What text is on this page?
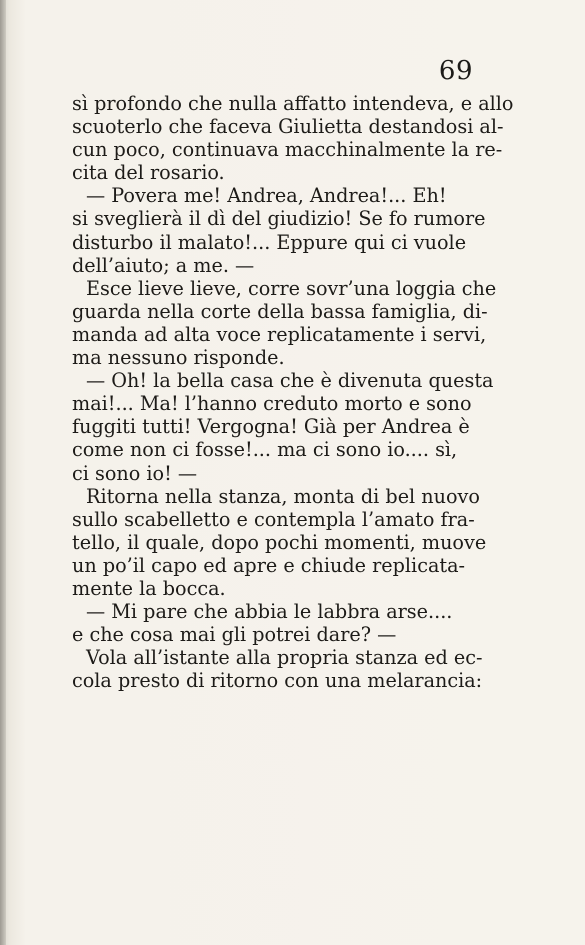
69
sì profondo che nulla affatto intendeva, e allo
scuoterlo che faceva Giulietta destandosi al-
cun poco, continuava macchinalmente la re-
cita del rosario.
— Povera me! Andrea, Andrea!... Eh!
si sveglierà il dì del giudizio! Se fo rumore
disturbo il malato!... Eppure qui ci vuole
dell’aiuto; a me. —
Esce lieve lieve, corre sovr’una loggia che
guarda nella corte della bassa famiglia, di-
manda ad alta voce replicatamente i servi,
ma nessuno risponde.
— Oh! la bella casa che è divenuta questa
mai!... Ma! l’hanno creduto morto e sono
fuggiti tutti! Vergogna! Già per Andrea è
come non ci fosse!... ma ci sono io.... sì,
ci sono io! —
Ritorna nella stanza, monta di bel nuovo
sullo scabelletto e contempla l’amato fra-
tello, il quale, dopo pochi momenti, muove
un po’il capo ed apre e chiude replicata-
mente la bocca.
— Mi pare che abbia le labbra arse....
e che cosa mai gli potrei dare? —
Vola all’istante alla propria stanza ed ec-
cola presto di ritorno con una melarancia:
